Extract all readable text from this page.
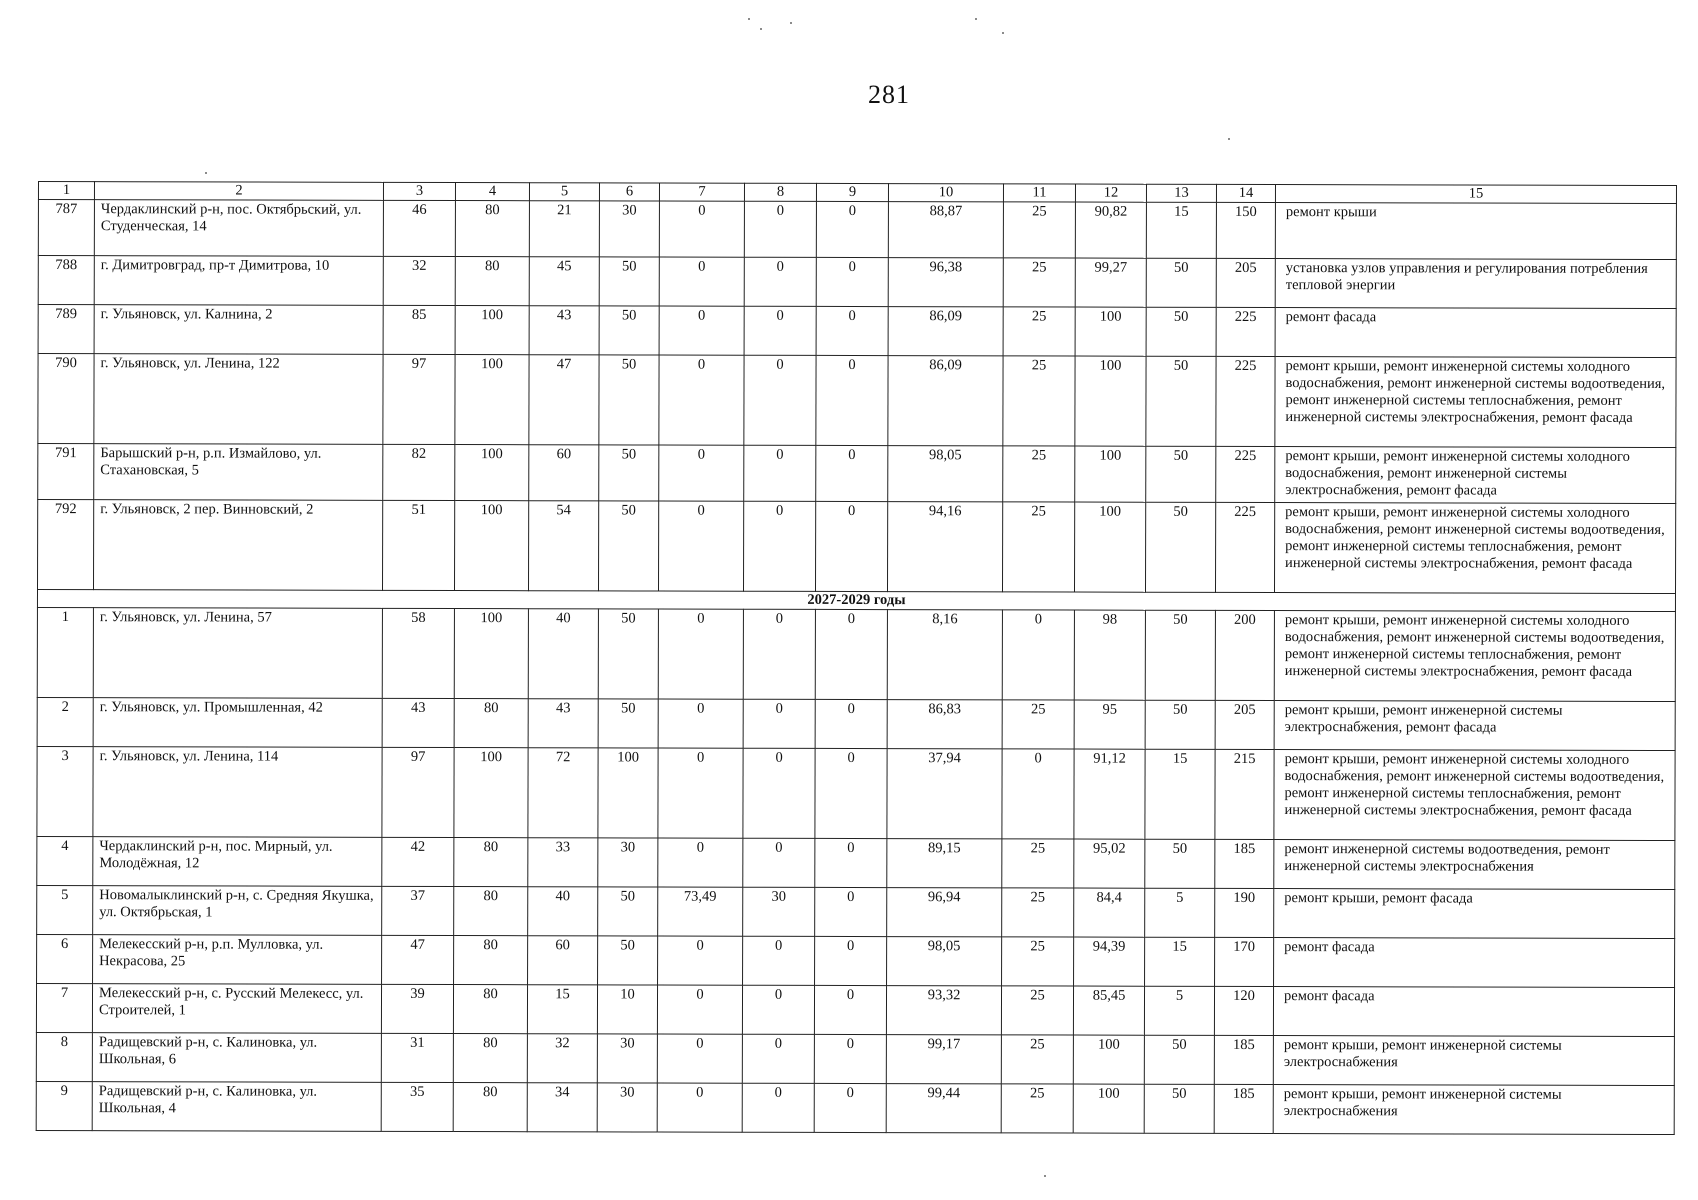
281
1	2	3	4	5	6	7	8	9	10	11	12	13	14	15
787	Чердаклинский р-н, пос. Октябрьский, ул. Студенческая, 14	46	80	21	30	0	0	0	88,87	25	90,82	15	150	ремонт крыши
788	г. Димитровград, пр-т Димитрова, 10	32	80	45	50	0	0	0	96,38	25	99,27	50	205	установка узлов управления и регулирования потребления тепловой энергии
789	г. Ульяновск, ул. Калнина, 2	85	100	43	50	0	0	0	86,09	25	100	50	225	ремонт фасада
790	г. Ульяновск, ул. Ленина, 122	97	100	47	50	0	0	0	86,09	25	100	50	225	ремонт крыши, ремонт инженерной системы холодного водоснабжения, ремонт инженерной системы водоотведения, ремонт инженерной системы теплоснабжения, ремонт инженерной системы электроснабжения, ремонт фасада
791	Барышский р-н, р.п. Измайлово, ул. Стахановская, 5	82	100	60	50	0	0	0	98,05	25	100	50	225	ремонт крыши, ремонт инженерной системы холодного водоснабжения, ремонт инженерной системы электроснабжения, ремонт фасада
792	г. Ульяновск, 2 пер. Винновский, 2	51	100	54	50	0	0	0	94,16	25	100	50	225	ремонт крыши, ремонт инженерной системы холодного водоснабжения, ремонт инженерной системы водоотведения, ремонт инженерной системы теплоснабжения, ремонт инженерной системы электроснабжения, ремонт фасада
2027-2029 годы														
1	г. Ульяновск, ул. Ленина, 57	58	100	40	50	0	0	0	8,16	0	98	50	200	ремонт крыши, ремонт инженерной системы холодного водоснабжения, ремонт инженерной системы водоотведения, ремонт инженерной системы теплоснабжения, ремонт инженерной системы электроснабжения, ремонт фасада
2	г. Ульяновск, ул. Промышленная, 42	43	80	43	50	0	0	0	86,83	25	95	50	205	ремонт крыши, ремонт инженерной системы электроснабжения, ремонт фасада
3	г. Ульяновск, ул. Ленина, 114	97	100	72	100	0	0	0	37,94	0	91,12	15	215	ремонт крыши, ремонт инженерной системы холодного водоснабжения, ремонт инженерной системы водоотведения, ремонт инженерной системы теплоснабжения, ремонт инженерной системы электроснабжения, ремонт фасада
4	Чердаклинский р-н, пос. Мирный, ул. Молодёжная, 12	42	80	33	30	0	0	0	89,15	25	95,02	50	185	ремонт инженерной системы водоотведения, ремонт инженерной системы электроснабжения
5	Новомалыклинский р-н, с. Средняя Якушка, ул. Октябрьская, 1	37	80	40	50	73,49	30	0	96,94	25	84,4	5	190	ремонт крыши, ремонт фасада
6	Мелекесский р-н, р.п. Мулловка, ул. Некрасова, 25	47	80	60	50	0	0	0	98,05	25	94,39	15	170	ремонт фасада
7	Мелекесский р-н, с. Русский Мелекесс, ул. Строителей, 1	39	80	15	10	0	0	0	93,32	25	85,45	5	120	ремонт фасада
8	Радищевский р-н, с. Калиновка, ул. Школьная, 6	31	80	32	30	0	0	0	99,17	25	100	50	185	ремонт крыши, ремонт инженерной системы электроснабжения
9	Радищевский р-н, с. Калиновка, ул. Школьная, 4	35	80	34	30	0	0	0	99,44	25	100	50	185	ремонт крыши, ремонт инженерной системы электроснабжения
